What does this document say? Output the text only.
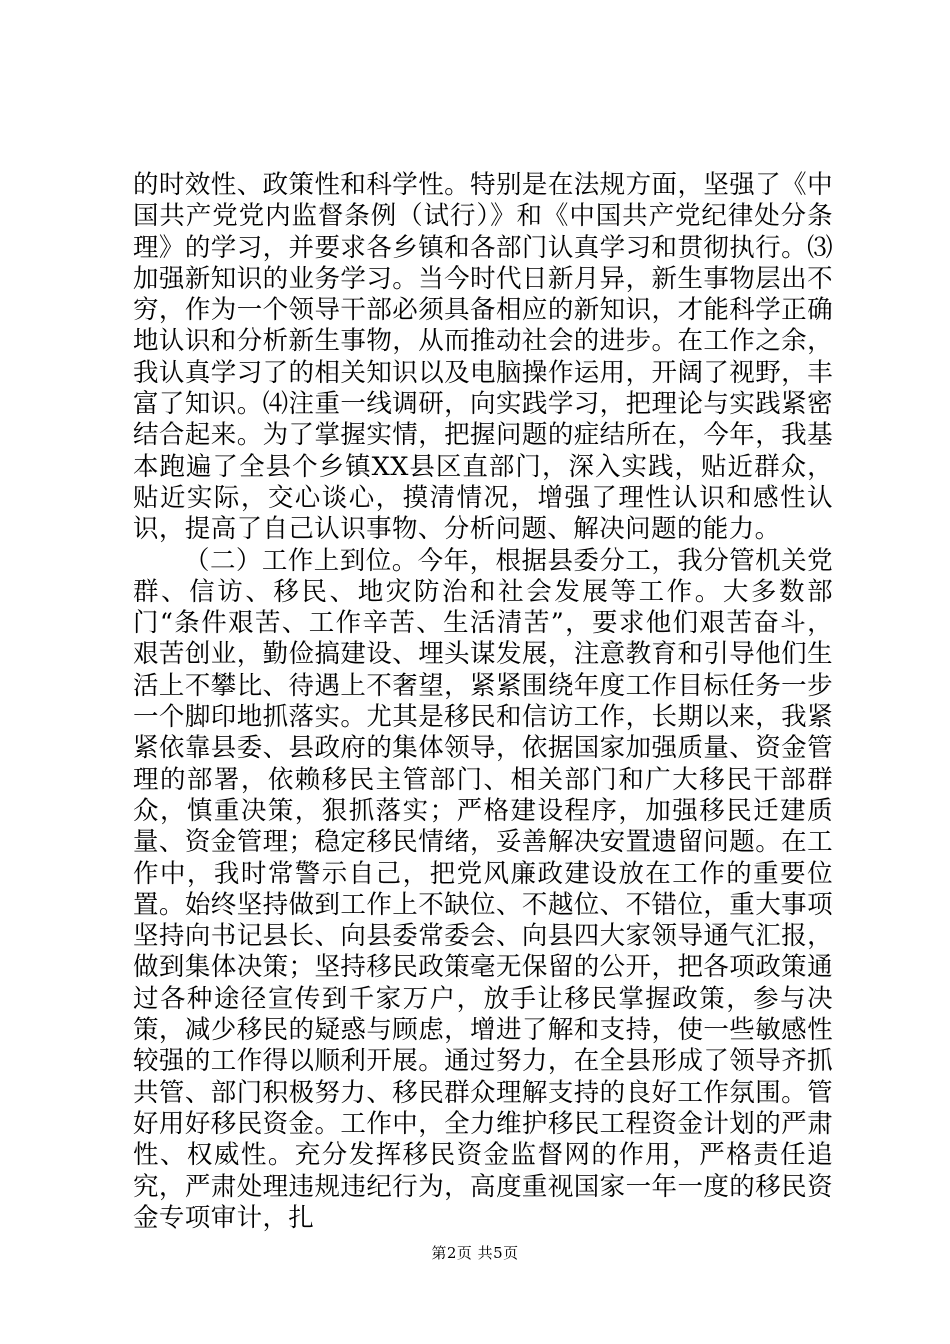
的时效性、政策性和科学性。特别是在法规方面，坚强了《中国共产党党内监督条例（试行）》和《中国共产党纪律处分条理》的学习，并要求各乡镇和各部门认真学习和贯彻执行。⑶加强新知识的业务学习。当今时代日新月异，新生事物层出不穷，作为一个领导干部必须具备相应的新知识，才能科学正确地认识和分析新生事物，从而推动社会的进步。在工作之余，我认真学习了的相关知识以及电脑操作运用，开阔了视野，丰富了知识。⑷注重一线调研，向实践学习，把理论与实践紧密结合起来。为了掌握实情，把握问题的症结所在，今年，我基本跑遍了全县个乡镇XX县区直部门，深入实践，贴近群众，贴近实际，交心谈心，摸清情况，增强了理性认识和感性认识，提高了自己认识事物、分析问题、解决问题的能力。

（二）工作上到位。今年，根据县委分工，我分管机关党群、信访、移民、地灾防治和社会发展等工作。大多数部门“条件艰苦、工作辛苦、生活清苦”，要求他们艰苦奋斗，艰苦创业，勤俭搞建设、埋头谋发展，注意教育和引导他们生活上不攀比、待遇上不奢望，紧紧围绕年度工作目标任务一步一个脚印地抓落实。尤其是移民和信访工作，长期以来，我紧紧依靠县委、县政府的集体领导，依据国家加强质量、资金管理的部署，依赖移民主管部门、相关部门和广大移民干部群众，慎重决策，狠抓落实；严格建设程序，加强移民迁建质量、资金管理；稳定移民情绪，妥善解决安置遗留问题。在工作中，我时常警示自己，把党风廉政建设放在工作的重要位置。始终坚持做到工作上不缺位、不越位、不错位，重大事项坚持向书记县长、向县委常委会、向县四大家领导通气汇报，做到集体决策；坚持移民政策毫无保留的公开，把各项政策通过各种途径宣传到千家万户，放手让移民掌握政策，参与决策，减少移民的疑惑与顾虑，增进了解和支持，使一些敏感性较强的工作得以顺利开展。通过努力，在全县形成了领导齐抓共管、部门积极努力、移民群众理解支持的良好工作氛围。管好用好移民资金。工作中，全力维护移民工程资金计划的严肃性、权威性。充分发挥移民资金监督网的作用，严格责任追究，严肃处理违规违纪行为，高度重视国家一年一度的移民资金专项审计，扎

第2页 共5页
